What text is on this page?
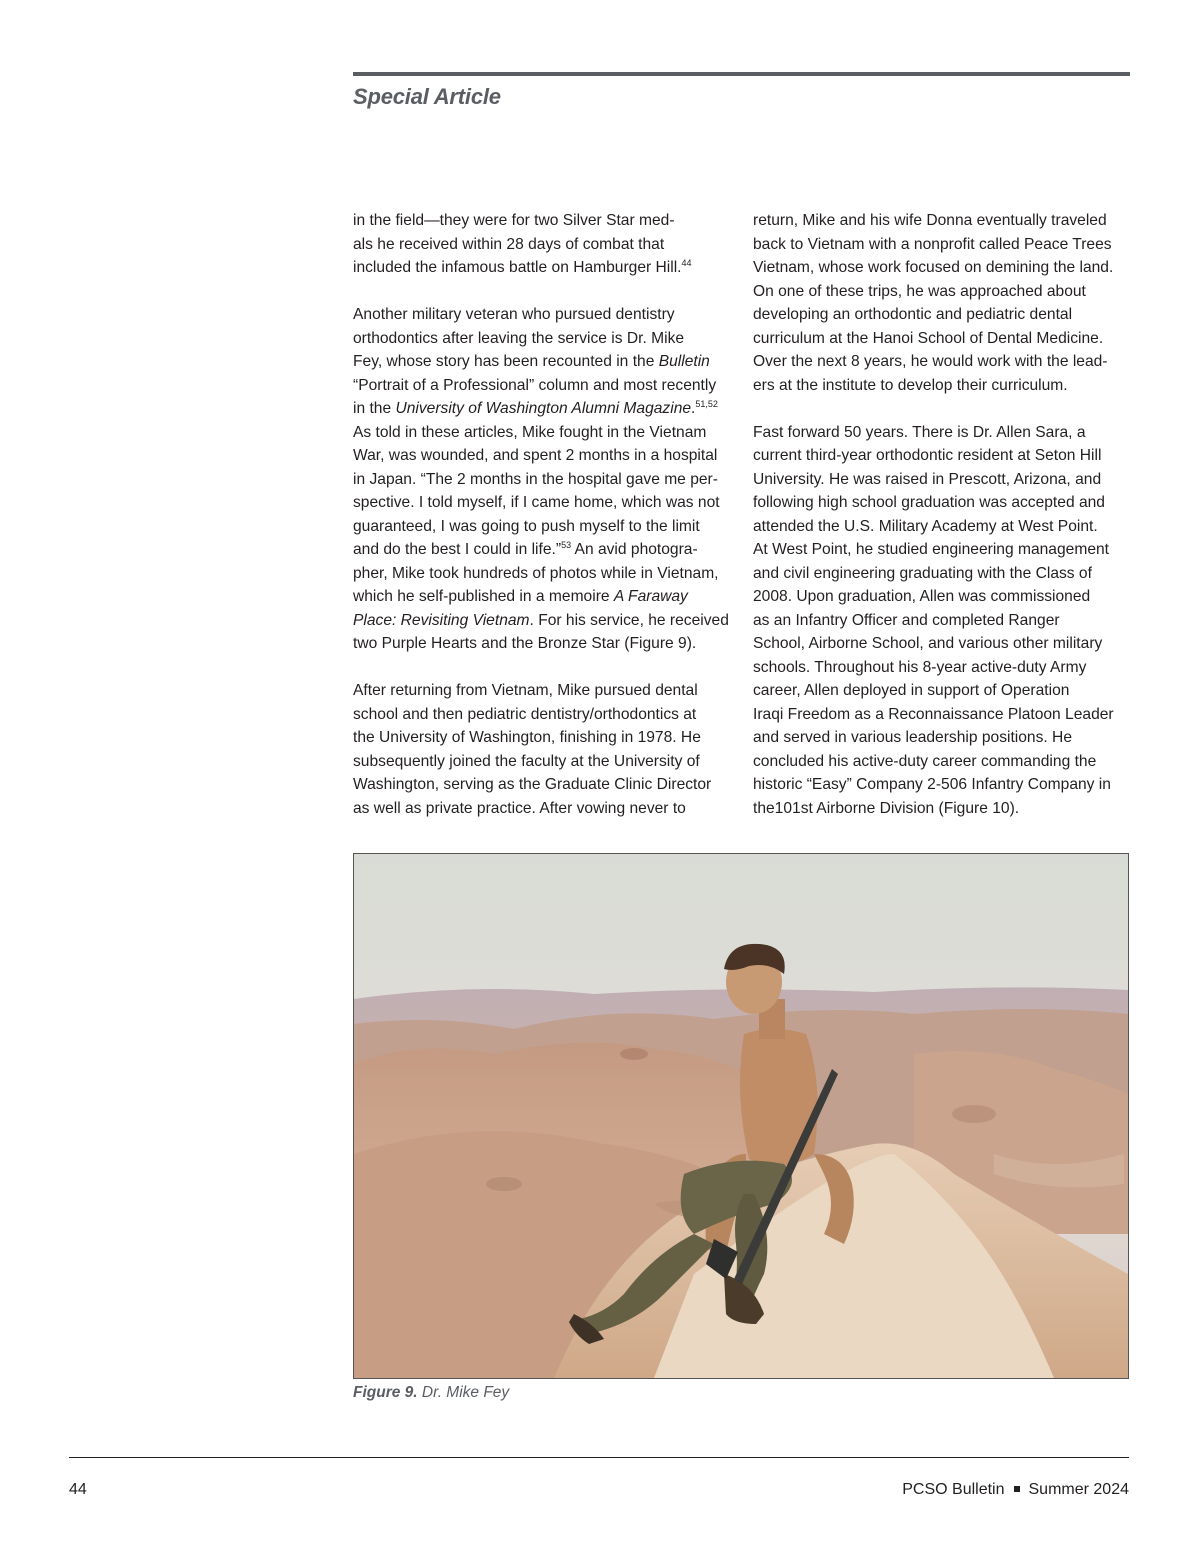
Special Article

in the field—they were for two Silver Star med-
als he received within 28 days of combat that
included the infamous battle on Hamburger Hill.$^{44}$

Another military veteran who pursued dentistry
orthodontics after leaving the service is Dr. Mike
Fey, whose story has been recounted in the Bulletin
“Portrait of a Professional” column and most recently
in the University of Washington Alumni Magazine.$^{51,52}$
As told in these articles, Mike fought in the Vietnam
War, was wounded, and spent 2 months in a hospital
in Japan. “The 2 months in the hospital gave me per-
spective. I told myself, if I came home, which was not
guaranteed, I was going to push myself to the limit
and do the best I could in life.”$^{53}$ An avid photogra-
pher, Mike took hundreds of photos while in Vietnam,
which he self-published in a memoire A Faraway
Place: Revisiting Vietnam. For his service, he received
two Purple Hearts and the Bronze Star (Figure 9).

After returning from Vietnam, Mike pursued dental
school and then pediatric dentistry/orthodontics at
the University of Washington, finishing in 1978. He
subsequently joined the faculty at the University of
Washington, serving as the Graduate Clinic Director
as well as private practice. After vowing never to

return, Mike and his wife Donna eventually traveled
back to Vietnam with a nonprofit called Peace Trees
Vietnam, whose work focused on demining the land.
On one of these trips, he was approached about
developing an orthodontic and pediatric dental
curriculum at the Hanoi School of Dental Medicine.
Over the next 8 years, he would work with the lead-
ers at the institute to develop their curriculum.

Fast forward 50 years. There is Dr. Allen Sara, a
current third-year orthodontic resident at Seton Hill
University. He was raised in Prescott, Arizona, and
following high school graduation was accepted and
attended the U.S. Military Academy at West Point.
At West Point, he studied engineering management
and civil engineering graduating with the Class of
2008. Upon graduation, Allen was commissioned
as an Infantry Officer and completed Ranger
School, Airborne School, and various other military
schools. Throughout his 8-year active-duty Army
career, Allen deployed in support of Operation
Iraqi Freedom as a Reconnaissance Platoon Leader
and served in various leadership positions. He
concluded his active-duty career commanding the
historic “Easy” Company 2-506 Infantry Company in
the101st Airborne Division (Figure 10).

Figure 9. Dr. Mike Fey
44	PCSO Bulletin Summer 2024
